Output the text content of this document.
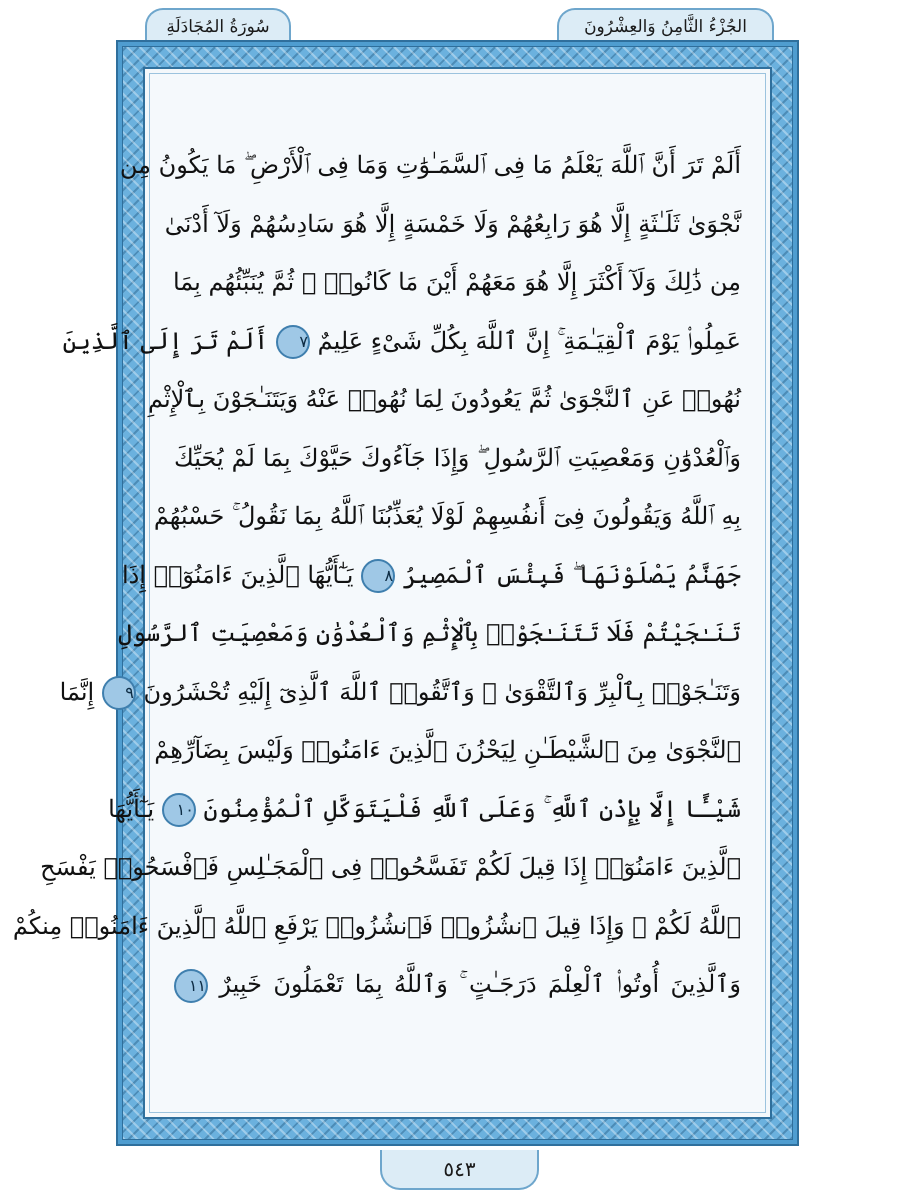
الجُزْءُ الثَّامِنُ وَالعِشْرُونَ
سُورَةُ المُجَادَلَةِ
أَلَمْ تَرَ أَنَّ ٱللَّهَ يَعْلَمُ مَا فِى ٱلسَّمَـٰوَٰتِ وَمَا فِى ٱلْأَرْضِ ۖ مَا يَكُونُ مِن
نَّجْوَىٰ ثَلَـٰثَةٍ إِلَّا هُوَ رَابِعُهُمْ وَلَا خَمْسَةٍ إِلَّا هُوَ سَادِسُهُمْ وَلَآ أَدْنَىٰ
مِن ذَٰلِكَ وَلَآ أَكْثَرَ إِلَّا هُوَ مَعَهُمْ أَيْنَ مَا كَانُوا۟ ۖ ثُمَّ يُنَبِّئُهُم بِمَا
عَمِلُوا۟ يَوْمَ ٱلْقِيَـٰمَةِ ۚ إِنَّ ٱللَّهَ بِكُلِّ شَىْءٍ عَلِيمٌ ٧ أَلَمْ تَرَ إِلَى ٱلَّذِينَ
نُهُوا۟ عَنِ ٱلنَّجْوَىٰ ثُمَّ يَعُودُونَ لِمَا نُهُوا۟ عَنْهُ وَيَتَنَـٰجَوْنَ بِٱلْإِثْمِ
وَٱلْعُدْوَٰنِ وَمَعْصِيَتِ ٱلرَّسُولِ ۖ وَإِذَا جَآءُوكَ حَيَّوْكَ بِمَا لَمْ يُحَيِّكَ
بِهِ ٱللَّهُ وَيَقُولُونَ فِىٓ أَنفُسِهِمْ لَوْلَا يُعَذِّبُنَا ٱللَّهُ بِمَا نَقُولُ ۚ حَسْبُهُمْ
جَهَنَّمُ يَصْلَوْنَهَا ۖ فَبِئْسَ ٱلْمَصِيرُ ٨ يَـٰٓأَيُّهَا ٱلَّذِينَ ءَامَنُوٓا۟ إِذَا
تَنَـٰجَيْتُمْ فَلَا تَتَنَـٰجَوْا۟ بِٱلْإِثْمِ وَٱلْعُدْوَٰنِ وَمَعْصِيَتِ ٱلرَّسُولِ
وَتَنَـٰجَوْا۟ بِٱلْبِرِّ وَٱلتَّقْوَىٰ ۖ وَٱتَّقُوا۟ ٱللَّهَ ٱلَّذِىٓ إِلَيْهِ تُحْشَرُونَ ٩ إِنَّمَا
ٱلنَّجْوَىٰ مِنَ ٱلشَّيْطَـٰنِ لِيَحْزُنَ ٱلَّذِينَ ءَامَنُوا۟ وَلَيْسَ بِضَآرِّهِمْ
شَيْـًٔا إِلَّا بِإِذْنِ ٱللَّهِ ۚ وَعَلَى ٱللَّهِ فَلْيَتَوَكَّلِ ٱلْمُؤْمِنُونَ ١٠ يَـٰٓأَيُّهَا
ٱلَّذِينَ ءَامَنُوٓا۟ إِذَا قِيلَ لَكُمْ تَفَسَّحُوا۟ فِى ٱلْمَجَـٰلِسِ فَٱفْسَحُوا۟ يَفْسَحِ
ٱللَّهُ لَكُمْ ۖ وَإِذَا قِيلَ ٱنشُزُوا۟ فَٱنشُزُوا۟ يَرْفَعِ ٱللَّهُ ٱلَّذِينَ ءَامَنُوا۟ مِنكُمْ
وَٱلَّذِينَ أُوتُوا۟ ٱلْعِلْمَ دَرَجَـٰتٍ ۚ وَٱللَّهُ بِمَا تَعْمَلُونَ خَبِيرٌ ١١
٥٤٣
